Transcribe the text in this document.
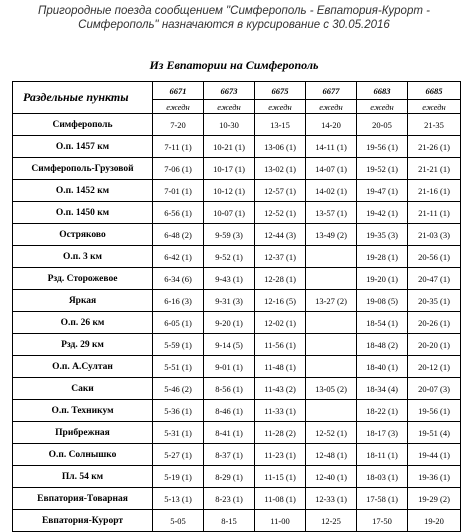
Пригородные поезда сообщением "Симферополь - Евпатория-Курорт -
Симферополь" назначаются в курсирование с 30.05.2016
Из Евпатории на Симферополь
Раздельные пункты	6671	6673	6675	6677	6683	6685
	ежедн	ежедн	ежедн	ежедн	ежедн	ежедн
Симферополь	7-20	10-30	13-15	14-20	20-05	21-35
О.п. 1457 км	7-11 (1)	10-21 (1)	13-06 (1)	14-11 (1)	19-56 (1)	21-26 (1)
Симферополь-Грузовой	7-06 (1)	10-17 (1)	13-02 (1)	14-07 (1)	19-52 (1)	21-21 (1)
О.п. 1452 км	7-01 (1)	10-12 (1)	12-57 (1)	14-02 (1)	19-47 (1)	21-16 (1)
О.п. 1450 км	6-56 (1)	10-07 (1)	12-52 (1)	13-57 (1)	19-42 (1)	21-11 (1)
Остряково	6-48 (2)	9-59 (3)	12-44 (3)	13-49 (2)	19-35 (3)	21-03 (3)
О.п. 3 км	6-42 (1)	9-52 (1)	12-37 (1)		19-28 (1)	20-56 (1)
Рзд. Сторожевое	6-34 (6)	9-43 (1)	12-28 (1)		19-20 (1)	20-47 (1)
Яркая	6-16 (3)	9-31 (3)	12-16 (5)	13-27 (2)	19-08 (5)	20-35 (1)
О.п. 26 км	6-05 (1)	9-20 (1)	12-02 (1)		18-54 (1)	20-26 (1)
Рзд. 29 км	5-59 (1)	9-14 (5)	11-56 (1)		18-48 (2)	20-20 (1)
О.п. А.Султан	5-51 (1)	9-01 (1)	11-48 (1)		18-40 (1)	20-12 (1)
Саки	5-46 (2)	8-56 (1)	11-43 (2)	13-05 (2)	18-34 (4)	20-07 (3)
О.п. Техникум	5-36 (1)	8-46 (1)	11-33 (1)		18-22 (1)	19-56 (1)
Прибрежная	5-31 (1)	8-41 (1)	11-28 (2)	12-52 (1)	18-17 (3)	19-51 (4)
О.п. Солнышко	5-27 (1)	8-37 (1)	11-23 (1)	12-48 (1)	18-11 (1)	19-44 (1)
Пл. 54 км	5-19 (1)	8-29 (1)	11-15 (1)	12-40 (1)	18-03 (1)	19-36 (1)
Евпатория-Товарная	5-13 (1)	8-23 (1)	11-08 (1)	12-33 (1)	17-58 (1)	19-29 (2)
Евпатория-Курорт	5-05	8-15	11-00	12-25	17-50	19-20
